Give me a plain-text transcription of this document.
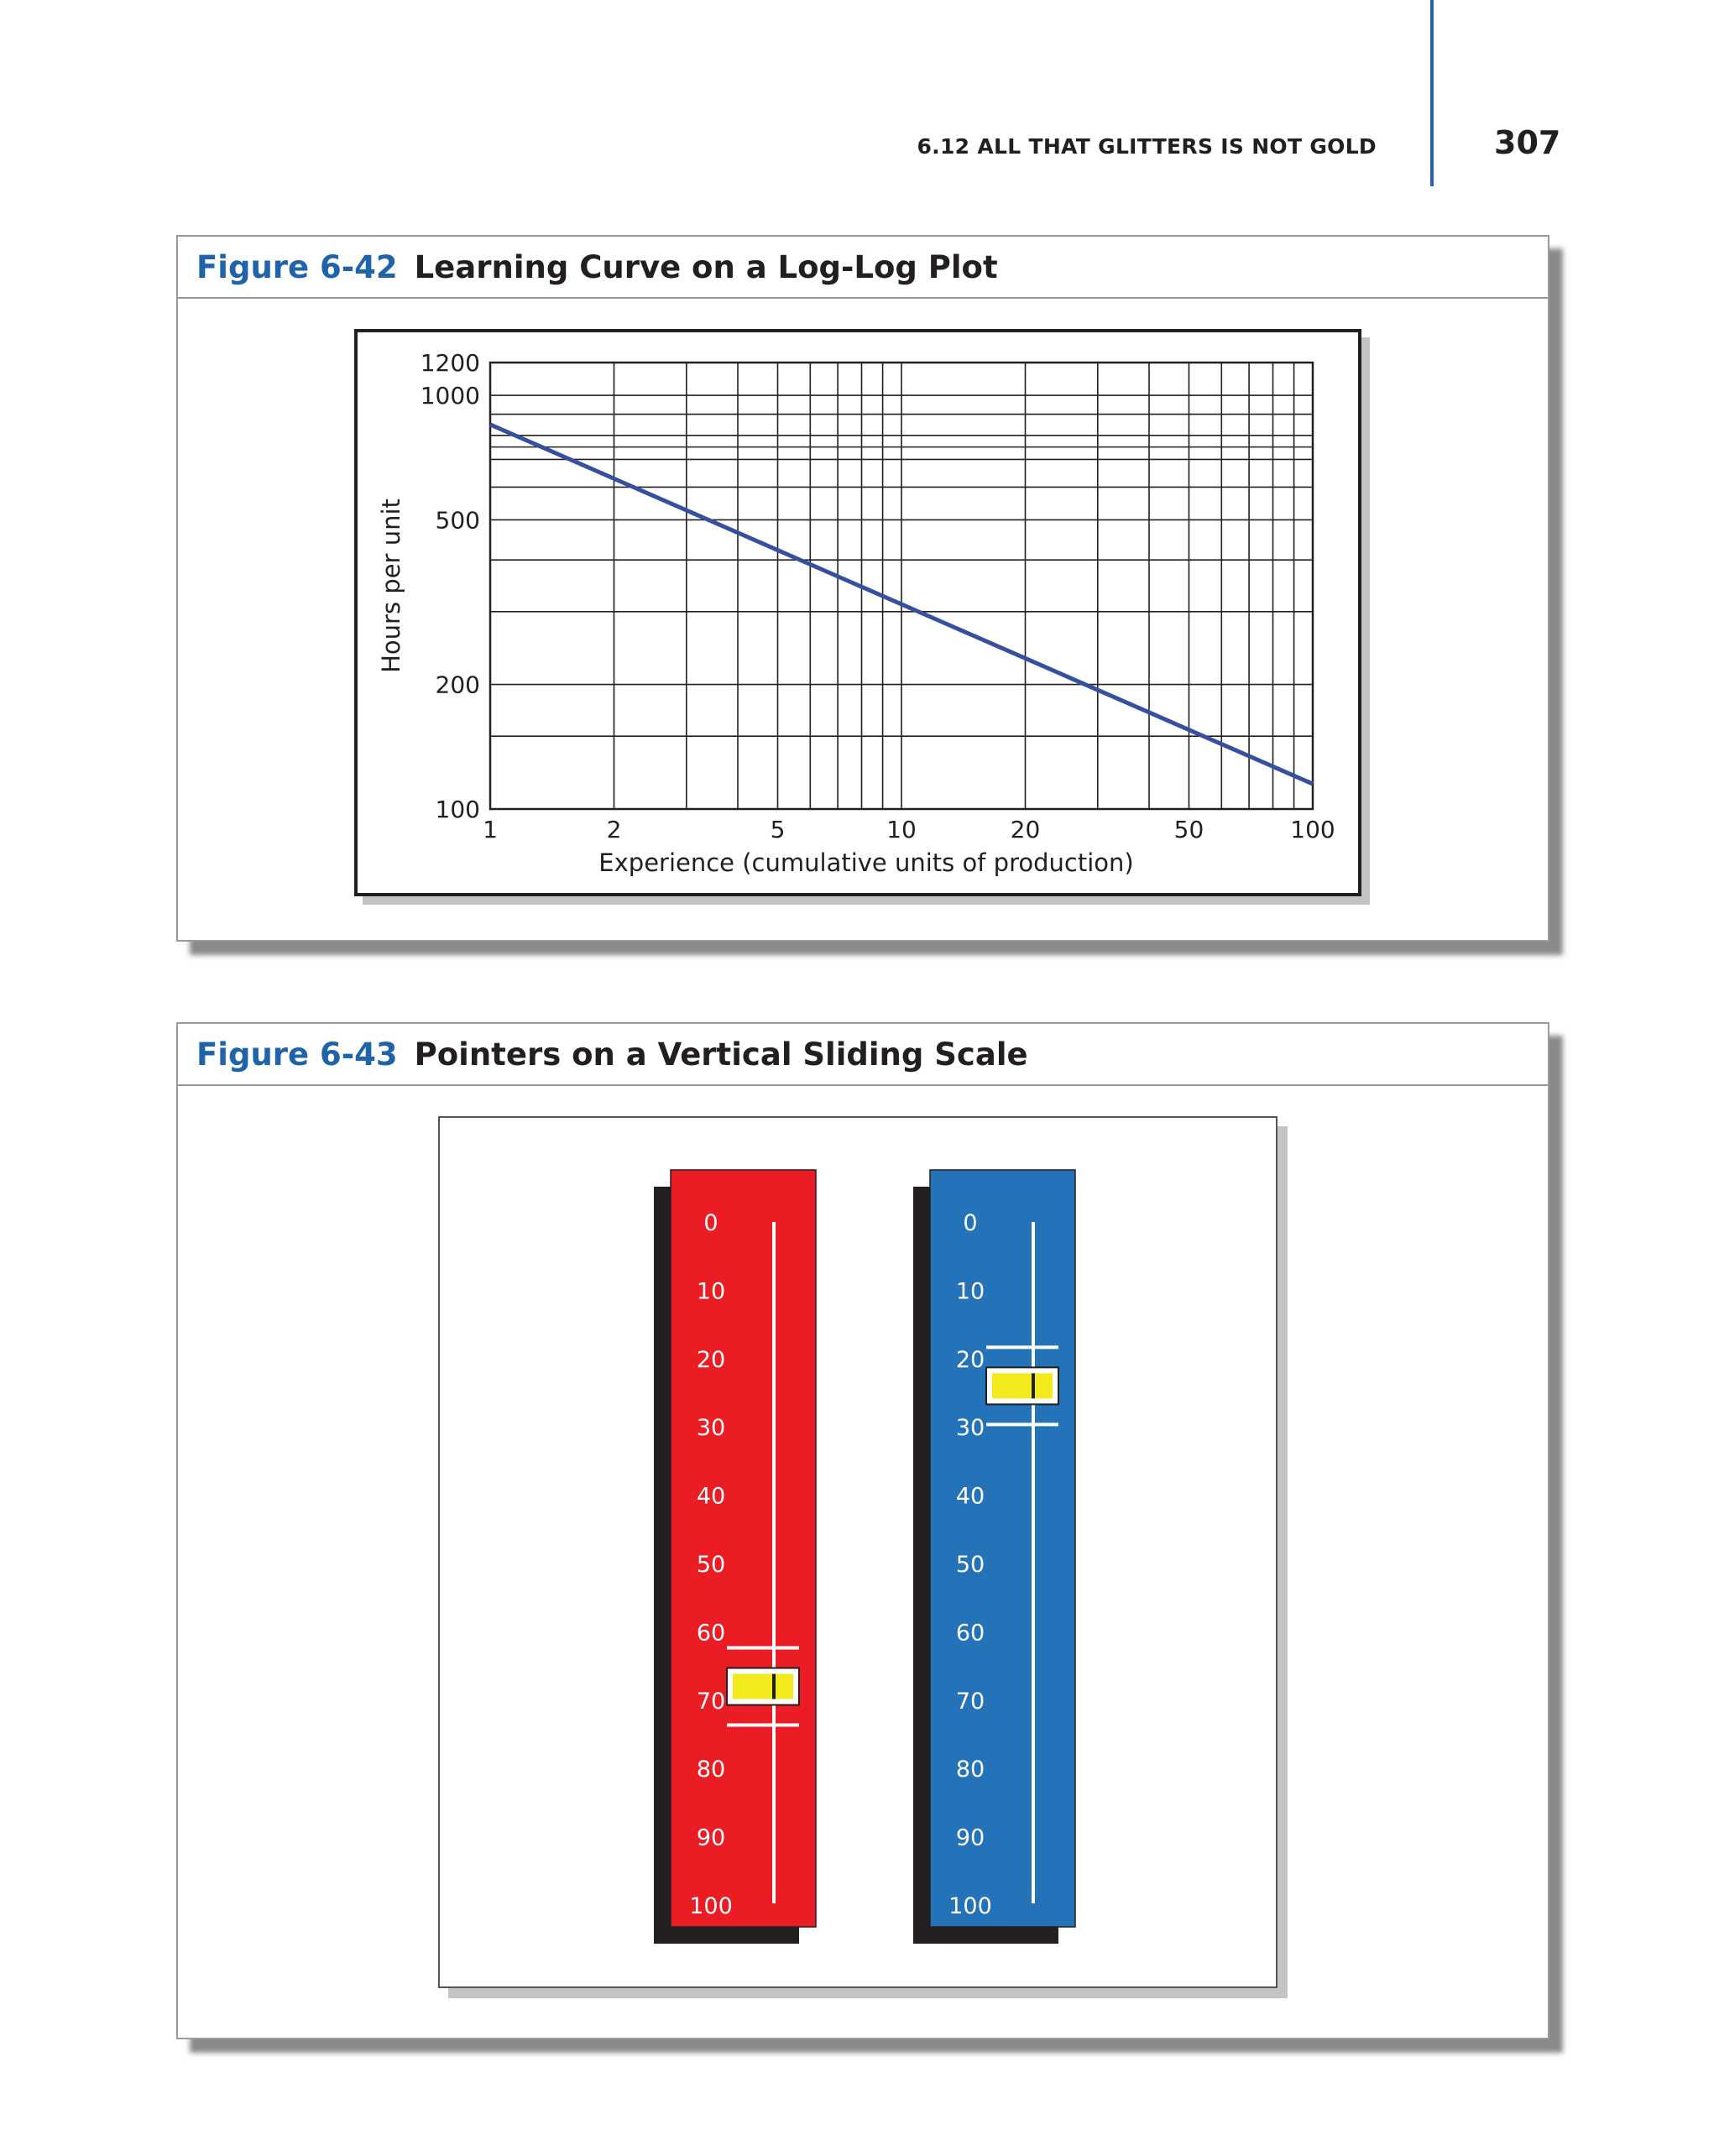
6.12 ALL THAT GLITTERS IS NOT GOLD	307
Figure 6-42 Learning Curve on a Log-Log Plot
100
200
500
1000
1200
1	2	5	10	20	50	100
Experience (cumulative units of production)
Hours per unit
Figure 6-43 Pointers on a Vertical Sliding Scale
0
10
20
30
40
50
60
70
80
90
100
0
10
20
30
40
50
60
70
80
90
100
